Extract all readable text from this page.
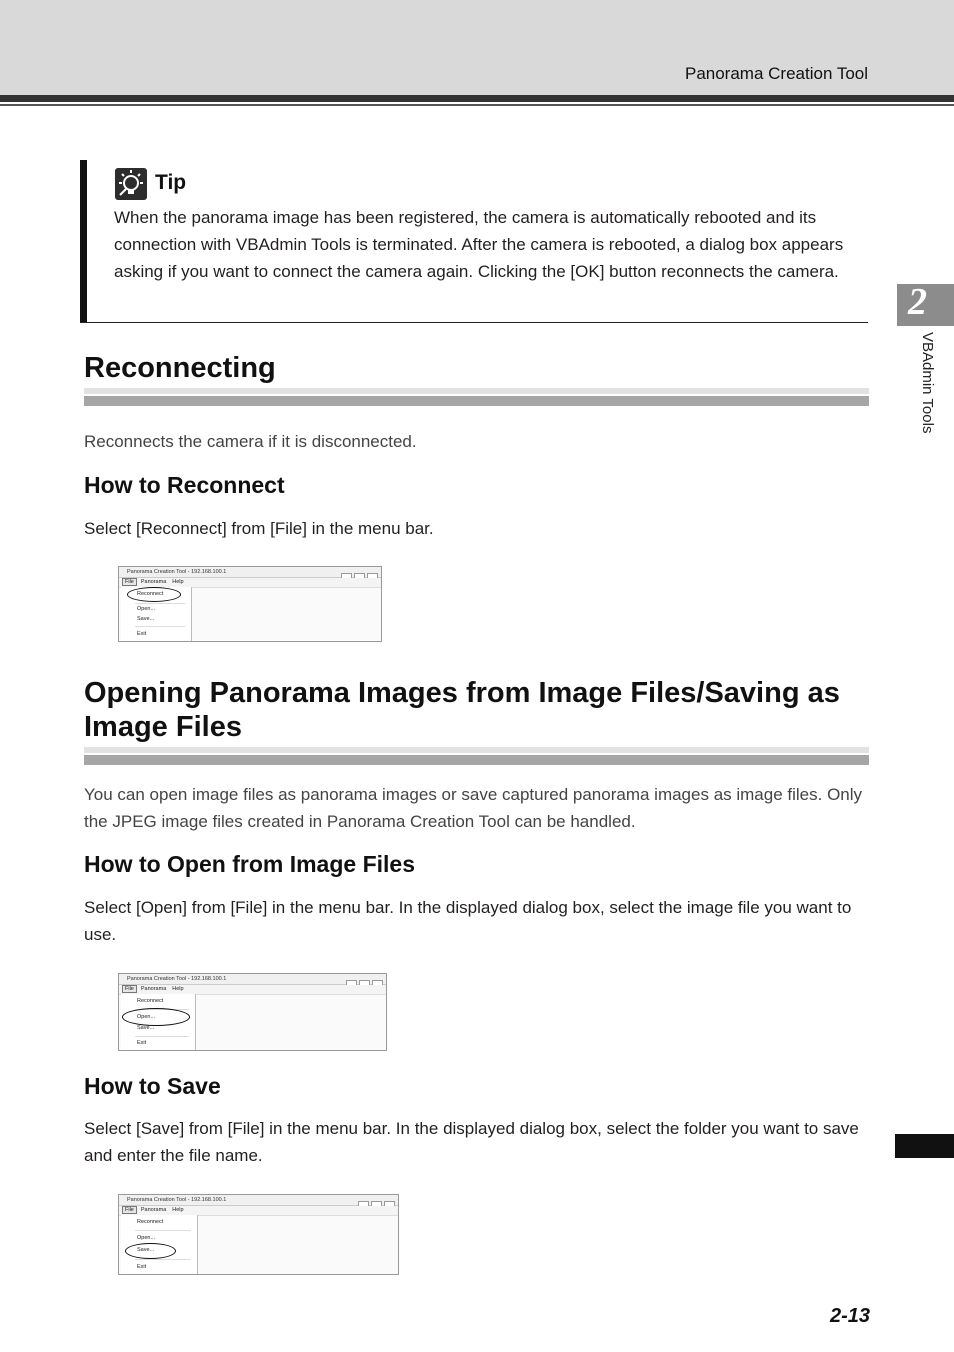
Panorama Creation Tool
Tip
When the panorama image has been registered, the camera is automatically rebooted and its connection with VBAdmin Tools is terminated. After the camera is rebooted, a dialog box appears asking if you want to connect the camera again. Clicking the [OK] button reconnects the camera.
Reconnecting

Reconnects the camera if it is disconnected.

How to Reconnect

Select [Reconnect] from [File] in the menu bar.

Panorama Creation Tool - 192.168.100.1
File Panorama Help
Reconnect
Open...
Save...
Exit
Opening Panorama Images from Image Files/Saving as Image Files

You can open image files as panorama images or save captured panorama images as image files. Only the JPEG image files created in Panorama Creation Tool can be handled.

How to Open from Image Files

Select [Open] from [File] in the menu bar. In the displayed dialog box, select the image file you want to use.

Panorama Creation Tool - 192.168.100.1
File Panorama Help
Reconnect
Open...
Save...
Exit
How to Save

Select [Save] from [File] in the menu bar. In the displayed dialog box, select the folder you want to save and enter the file name.

Panorama Creation Tool - 192.168.100.1
File Panorama Help
Reconnect
Open...
Save...
Exit
2
VBAdmin Tools
2-13
